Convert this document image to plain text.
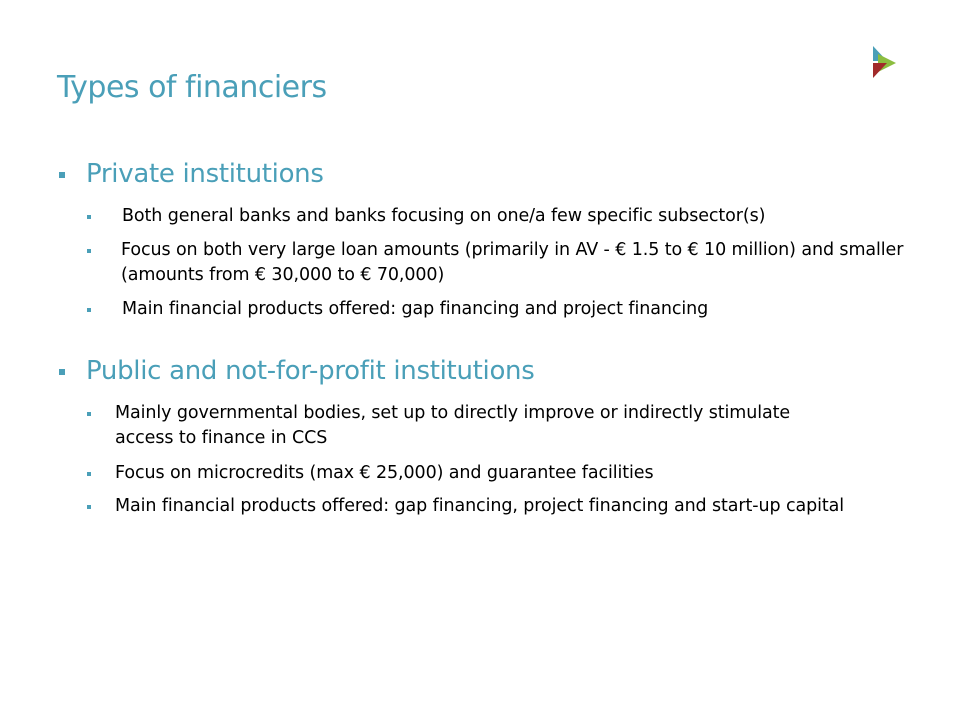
Types of financiers
Private institutions
Both general banks and banks focusing on one/a few specific subsector(s)
Focus on both very large loan amounts (primarily in AV - € 1.5 to € 10 million) and smaller (amounts from € 30,000 to € 70,000)
Main financial products offered: gap financing and project financing
Public and not-for-profit institutions
Mainly governmental bodies, set up to directly improve or indirectly stimulate access to finance in CCS
Focus on microcredits (max € 25,000) and guarantee facilities
Main financial products offered: gap financing, project financing and start-up capital
